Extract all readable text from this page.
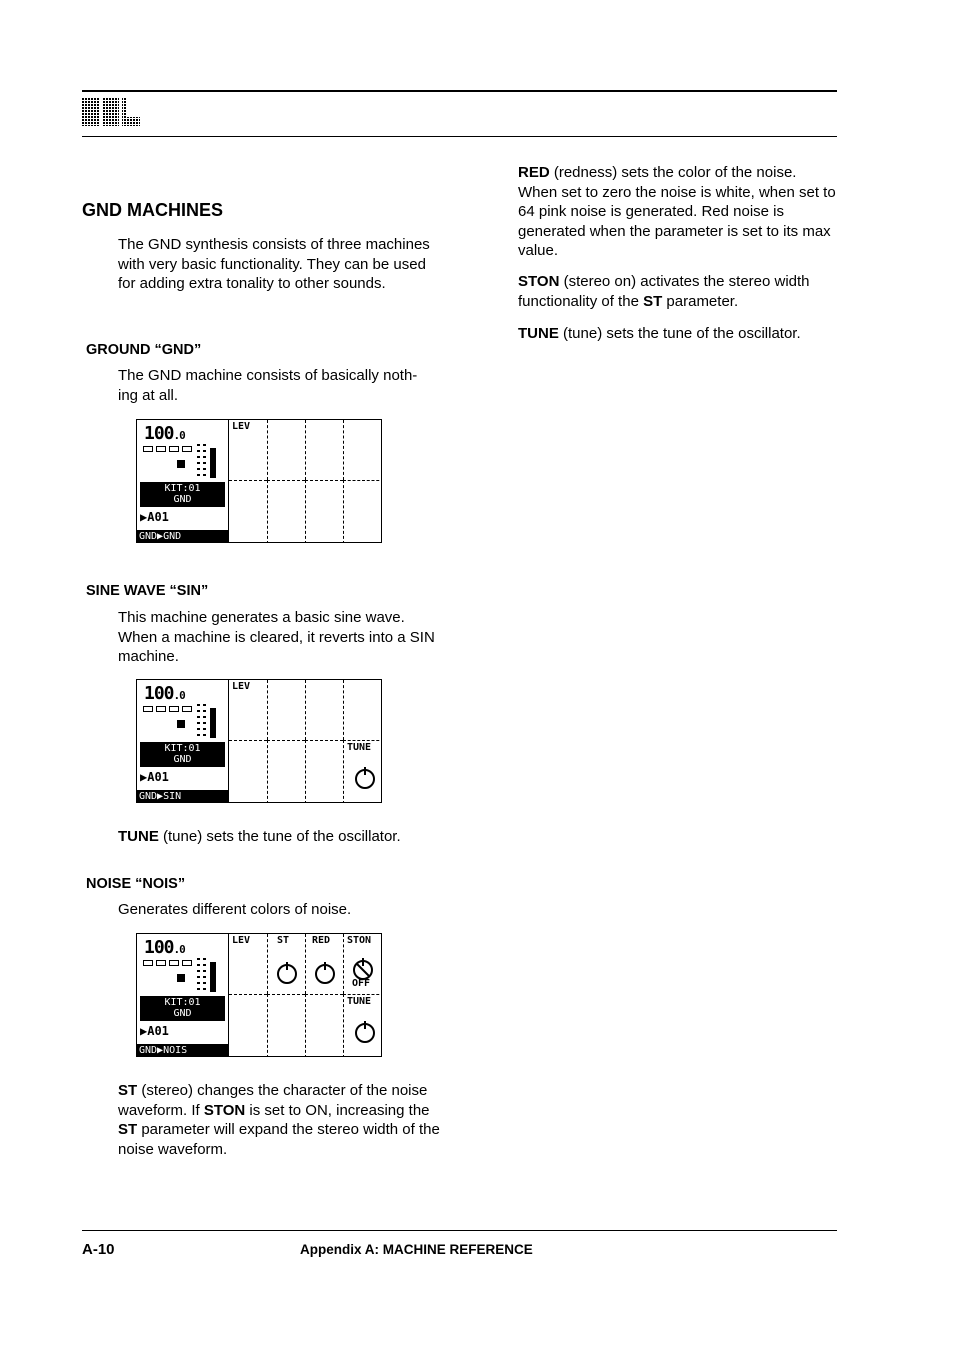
GND MACHINES
The GND synthesis consists of three machines with very basic functionality. They can be used for adding extra tonality to other sounds.
GROUND “GND”
The GND machine consists of basically noth- ing at all.
100.0
KIT:01
GND
▶A01
GND▶GND
LEV
SINE WAVE “SIN”
This machine generates a basic sine wave. When a machine is cleared, it reverts into a SIN machine.
100.0
KIT:01
GND
▶A01
GND▶SIN
LEV
TUNE
TUNE (tune) sets the tune of the oscillator.
NOISE “NOIS”
Generates different colors of noise.
100.0
KIT:01
GND
▶A01
GND▶NOIS
LEV	ST RED STON
OFF
TUNE
ST (stereo) changes the character of the noise waveform. If STON is set to ON, increasing the ST parameter will expand the stereo width of the noise waveform.
RED (redness) sets the color of the noise. When set to zero the noise is white, when set to 64 pink noise is generated. Red noise is generated when the parameter is set to its max value.
STON (stereo on) activates the stereo width functionality of the ST parameter.
TUNE (tune) sets the tune of the oscillator.
A-10	Appendix A: MACHINE REFERENCE
